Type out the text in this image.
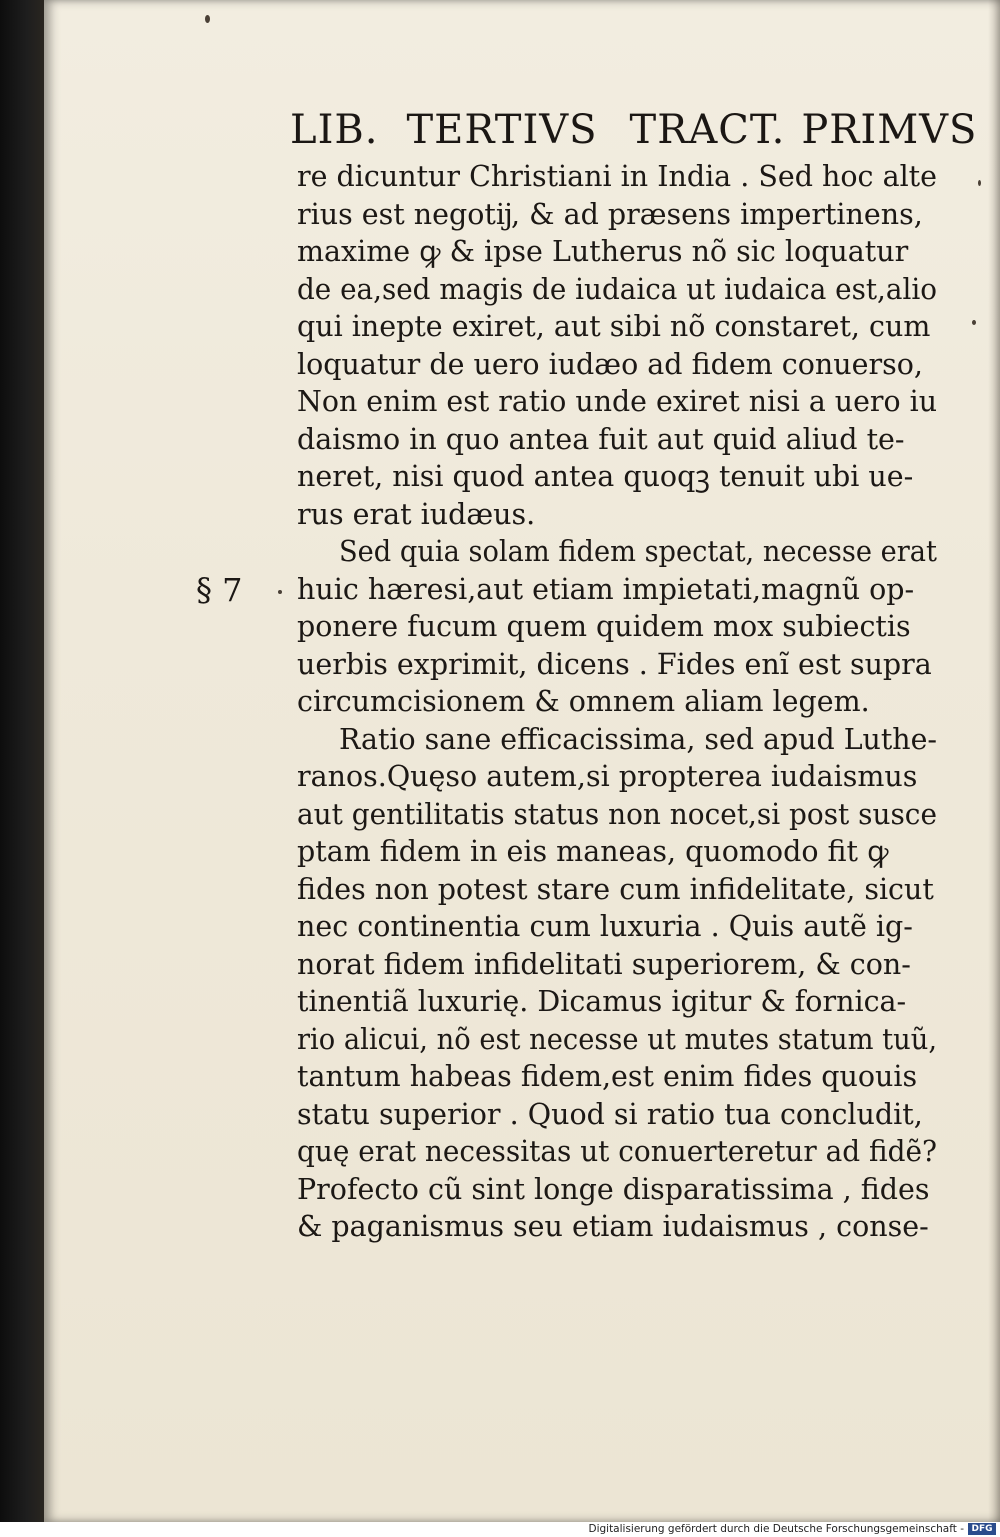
LIB. TERTIVS TRACT. PRIMVS
§ 7
re dicuntur Christiani in India . Sed hoc alte
rius est negotĳ, & ad præsens impertinens,
maxime ꝙ & ipse Lutherus nõ sic loquatur
de ea,sed magis de iudaica ut iudaica est,alio
qui inepte exiret, aut sibi nõ constaret, cum
loquatur de uero iudæo ad fidem conuerso,
Non enim est ratio unde exiret nisi a uero iu
daismo in quo antea fuit aut quid aliud te-
neret, nisi quod antea quoqꝫ tenuit ubi ue-
rus erat iudæus.
Sed quia solam fidem spectat, necesse erat
huic hæresi,aut etiam impietati,magnũ op-
ponere fucum quem quidem mox subiectis
uerbis exprimit, dicens . Fides enĩ est supra
circumcisionem & omnem aliam legem.
Ratio sane efficacissima, sed apud Luthe-
ranos.Quęso autem,si propterea iudaismus
aut gentilitatis status non nocet,si post susce
ptam fidem in eis maneas, quomodo fit ꝙ
fides non potest stare cum infidelitate, sicut
nec continentia cum luxuria . Quis autẽ ig-
norat fidem infidelitati superiorem, & con-
tinentiã luxurię. Dicamus igitur & fornica-
rio alicui, nõ est necesse ut mutes statum tuũ,
tantum habeas fidem,est enim fides quouis
statu superior . Quod si ratio tua concludit,
quę erat necessitas ut conuerteretur ad fidẽ?
Profecto cũ sint longe disparatissima , fides
& paganismus seu etiam iudaismus , conse-
Digitalisierung gefördert durch die Deutsche Forschungsgemeinschaft - DFG
